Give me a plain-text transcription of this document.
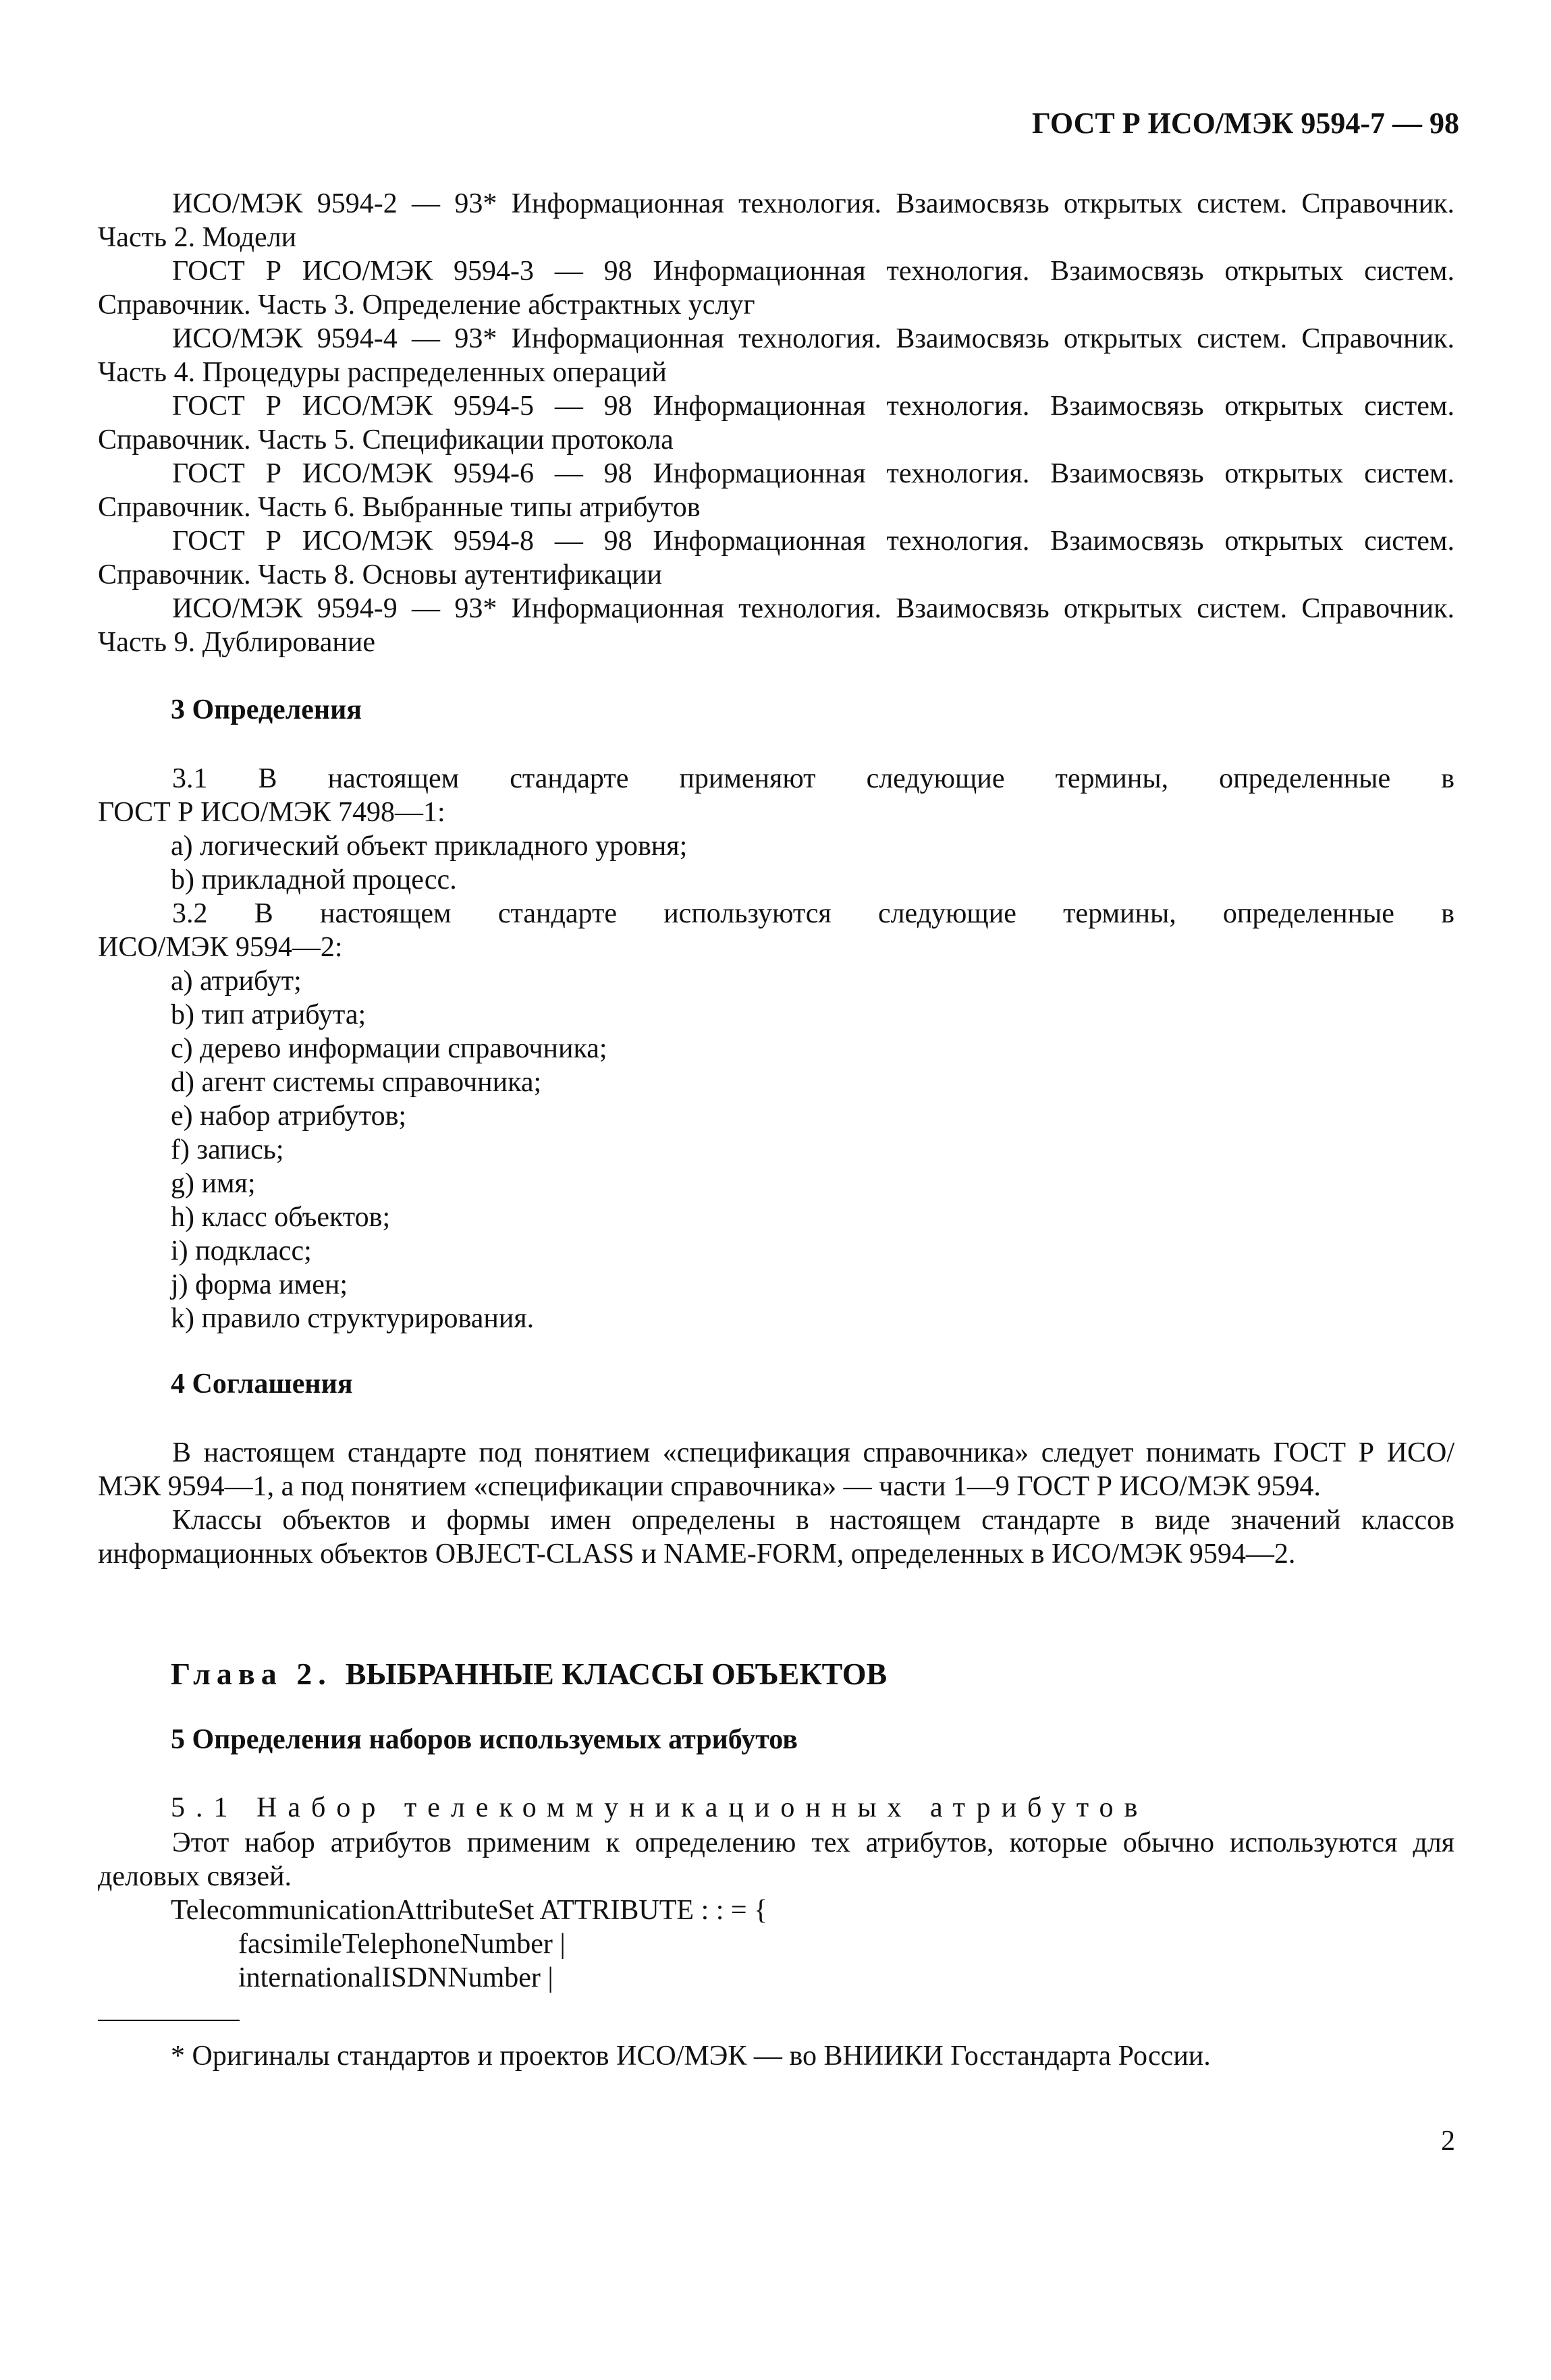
ГОСТ Р ИСО/МЭК 9594-7 — 98

ИСО/МЭК 9594-2 — 93* Информационная технология. Взаимосвязь открытых систем. Справочник. Часть 2. Модели

ГОСТ Р ИСО/МЭК 9594-3 — 98 Информационная технология. Взаимосвязь открытых систем. Справочник. Часть 3. Определение абстрактных услуг

ИСО/МЭК 9594-4 — 93* Информационная технология. Взаимосвязь открытых систем. Справочник. Часть 4. Процедуры распределенных операций

ГОСТ Р ИСО/МЭК 9594-5 — 98 Информационная технология. Взаимосвязь открытых систем. Справочник. Часть 5. Спецификации протокола

ГОСТ Р ИСО/МЭК 9594-6 — 98 Информационная технология. Взаимосвязь открытых систем. Справочник. Часть 6. Выбранные типы атрибутов

ГОСТ Р ИСО/МЭК 9594-8 — 98 Информационная технология. Взаимосвязь открытых систем. Справочник. Часть 8. Основы аутентификации

ИСО/МЭК 9594-9 — 93* Информационная технология. Взаимосвязь открытых систем. Справочник. Часть 9. Дублирование

3 Определения

3.1 В настоящем стандарте применяют следующие термины, определенные в

ГОСТ Р ИСО/МЭК 7498—1:

a) логический объект прикладного уровня;
b) прикладной процесс.

3.2 В настоящем стандарте используются следующие термины, определенные в

ИСО/МЭК 9594—2:

a) атрибут;
b) тип атрибута;
c) дерево информации справочника;
d) агент системы справочника;
e) набор атрибутов;
f) запись;
g) имя;
h) класс объектов;
i) подкласс;
j) форма имен;
k) правило структурирования.
4 Соглашения

В настоящем стандарте под понятием «спецификация справочника» следует понимать ГОСТ Р ИСО/МЭК 9594—1, а под понятием «спецификации справочника» — части 1—9 ГОСТ Р ИСО/МЭК 9594.

Классы объектов и формы имен определены в настоящем стандарте в виде значений классов информационных объектов OBJECT-CLASS и NAME-FORM, определенных в ИСО/МЭК 9594—2.

Глава 2. ВЫБРАННЫЕ КЛАССЫ ОБЪЕКТОВ
5 Определения наборов используемых атрибутов
5.1 Набор телекоммуникационных атрибутов

Этот набор атрибутов применим к определению тех атрибутов, которые обычно используются для деловых связей.

TelecommunicationAttributeSet ATTRIBUTE : : = {
facsimileTelephoneNumber |
internationalISDNNumber |
* Оригиналы стандартов и проектов ИСО/МЭК — во ВНИИКИ Госстандарта России.
2
